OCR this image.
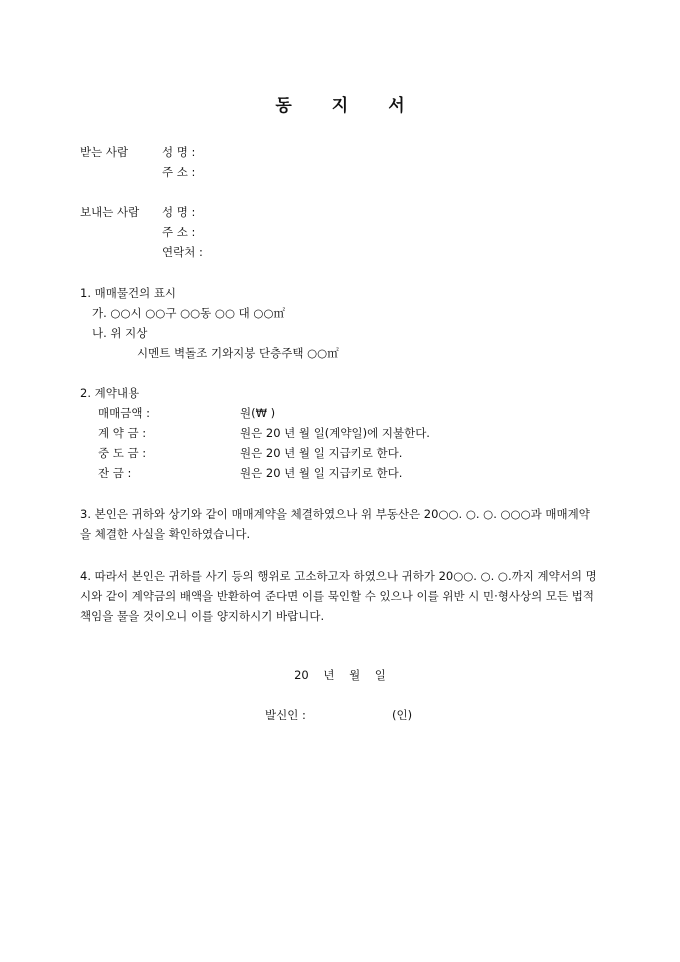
동 지 서
받는 사람	성 명 :
주 소 :
보내는 사람 성 명 :
주 소 :
연락처 :
1. 매매물건의 표시
가. ○○시 ○○구 ○○동 ○○ 대 ○○㎡
나. 위 지상
시멘트 벽돌조 기와지붕 단층주택 ○○㎡
2. 계약내용
매매금액 :	원(₩ )
계 약 금 :	원은 20 년 월 일(계약일)에 지불한다.
중 도 금 :	원은 20 년 월 일 지급키로 한다.
잔 금 :	원은 20 년 월 일 지급키로 한다.
3. 본인은 귀하와 상기와 같이 매매계약을 체결하였으나 위 부동산은 20○○. ○. ○. ○○○과 매매계약을 체결한 사실을 확인하였습니다.
4. 따라서 본인은 귀하를 사기 등의 행위로 고소하고자 하였으나 귀하가 20○○. ○. ○.까지 계약서의 명시와 같이 계약금의 배액을 반환하여 준다면 이를 묵인할 수 있으나 이를 위반 시 민·형사상의 모든 법적 책임을 물을 것이오니 이를 양지하시기 바랍니다.
20    년    월    일
발신인 :	(인)
